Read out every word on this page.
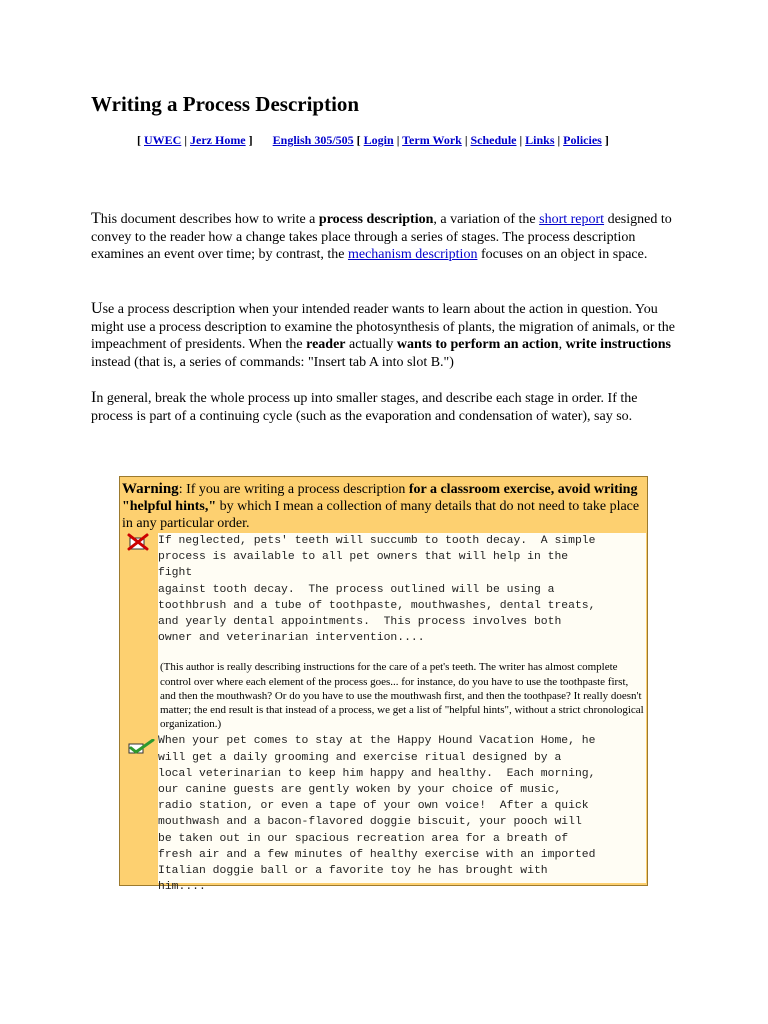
Writing a Process Description
[ UWEC | Jerz Home ] English 305/505 [ Login | Term Work | Schedule | Links | Policies ]

This document describes how to write a process description, a variation of the short report designed to convey to the reader how a change takes place through a series of stages. The process description examines an event over time; by contrast, the mechanism description focuses on an object in space.

Use a process description when your intended reader wants to learn about the action in question. You might use a process description to examine the photosynthesis of plants, the migration of animals, or the impeachment of presidents. When the reader actually wants to perform an action, write instructions instead (that is, a series of commands: "Insert tab A into slot B.")

In general, break the whole process up into smaller stages, and describe each stage in order. If the process is part of a continuing cycle (such as the evaporation and condensation of water), say so.

Warning: If you are writing a process description for a classroom exercise, avoid writing "helpful hints," by which I mean a collection of many details that do not need to take place in any particular order.
If neglected, pets' teeth will succumb to tooth decay.  A simple
process is available to all pet owners that will help in the
fight
against tooth decay.  The process outlined will be using a
toothbrush and a tube of toothpaste, mouthwashes, dental treats,
and yearly dental appointments.  This process involves both
owner and veterinarian intervention....
(This author is really describing instructions for the care of a pet's teeth. The writer has almost complete control over where each element of the process goes... for instance, do you have to use the toothpaste first, and then the mouthwash? Or do you have to use the mouthwash first, and then the toothpase? It really doesn't matter; the end result is that instead of a process, we get a list of "helpful hints", without a strict chronological organization.)
When your pet comes to stay at the Happy Hound Vacation Home, he
will get a daily grooming and exercise ritual designed by a
local veterinarian to keep him happy and healthy.  Each morning,
our canine guests are gently woken by your choice of music,
radio station, or even a tape of your own voice!  After a quick
mouthwash and a bacon-flavored doggie biscuit, your pooch will
be taken out in our spacious recreation area for a breath of
fresh air and a few minutes of healthy exercise with an imported
Italian doggie ball or a favorite toy he has brought with
him....
